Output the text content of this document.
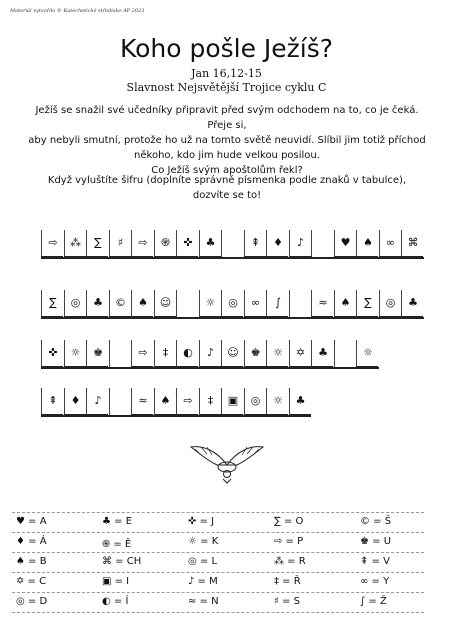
Materiál vytvořilo © Katechetické středisko AP 2023
Koho pošle Ježíš?
Jan 16,12-15
Slavnost Nejsvětější Trojice cyklu C
Ježíš se snažil své učedníky připravit před svým odchodem na to, co je čeká. Přeje si,
aby nebyli smutní, protože ho už na tomto světě neuvidí. Slíbil jim totiž příchod
někoho, kdo jim hude velkou posilou.
Co Ježíš svým apoštolům řekl?
Když vyluštíte šifru (doplníte správně písmenka podle znaků v tabulce),
dozvíte se to!
⇨	⁂	∑	♯	⇨	֍	✜	♣	⇞	♦	♪	♥	♠	∞	⌘
∑	◎	♣	©	♠	☺	☼	◎	∞	∫	≈	♠	∑	◎	♣
✜	☼	♚	⇨	‡	◐	♪	☺	♚	☼	✡	♣	☼
⇞	♦	♪	≈	♠	⇨	‡	▣	◎	☼	♣
♥ = A	♣ = E	✜ = J	∑ = O	© = Š
♦ = Á	֍ = Ě	☼ = K	⇨ = P	♚ = U
♠ = B	⌘ = CH	◎ = L	⁂ = R	⇞ = V
✡ = C	▣ = I	♪ = M	‡ = Ř	∞ = Y
◎ = D	◐ = Í	≈ = N	♯ = S	∫ = Ž
